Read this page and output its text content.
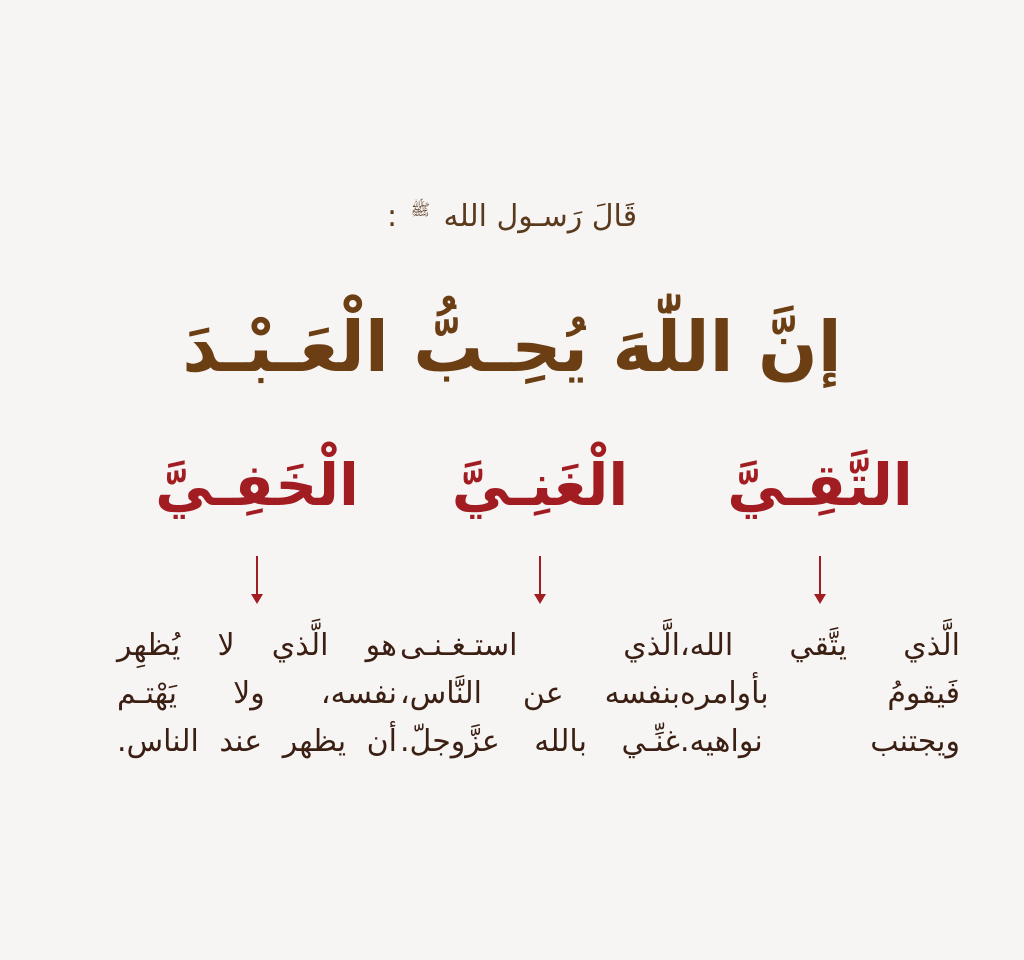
قَالَ رَسـول الله $^ﷺ$ :
إنَّ اللّٰهَ يُحِـبُّ الْعَـبْـدَ
التَّقِـيَّ
الَّذي يتَّقي الله،
فَيقومُ بأوامره
ويجتنب نواهيه.
الْغَنِـيَّ
الَّذي استـغـنـى
بنفسه عن النَّاس،
غنِّـي بالله عزَّوجلّ.
الْخَفِـيَّ
هو الَّذي لا يُظهِر
نفسه، ولا يَهْتـم
أن يظهر عند الناس.
